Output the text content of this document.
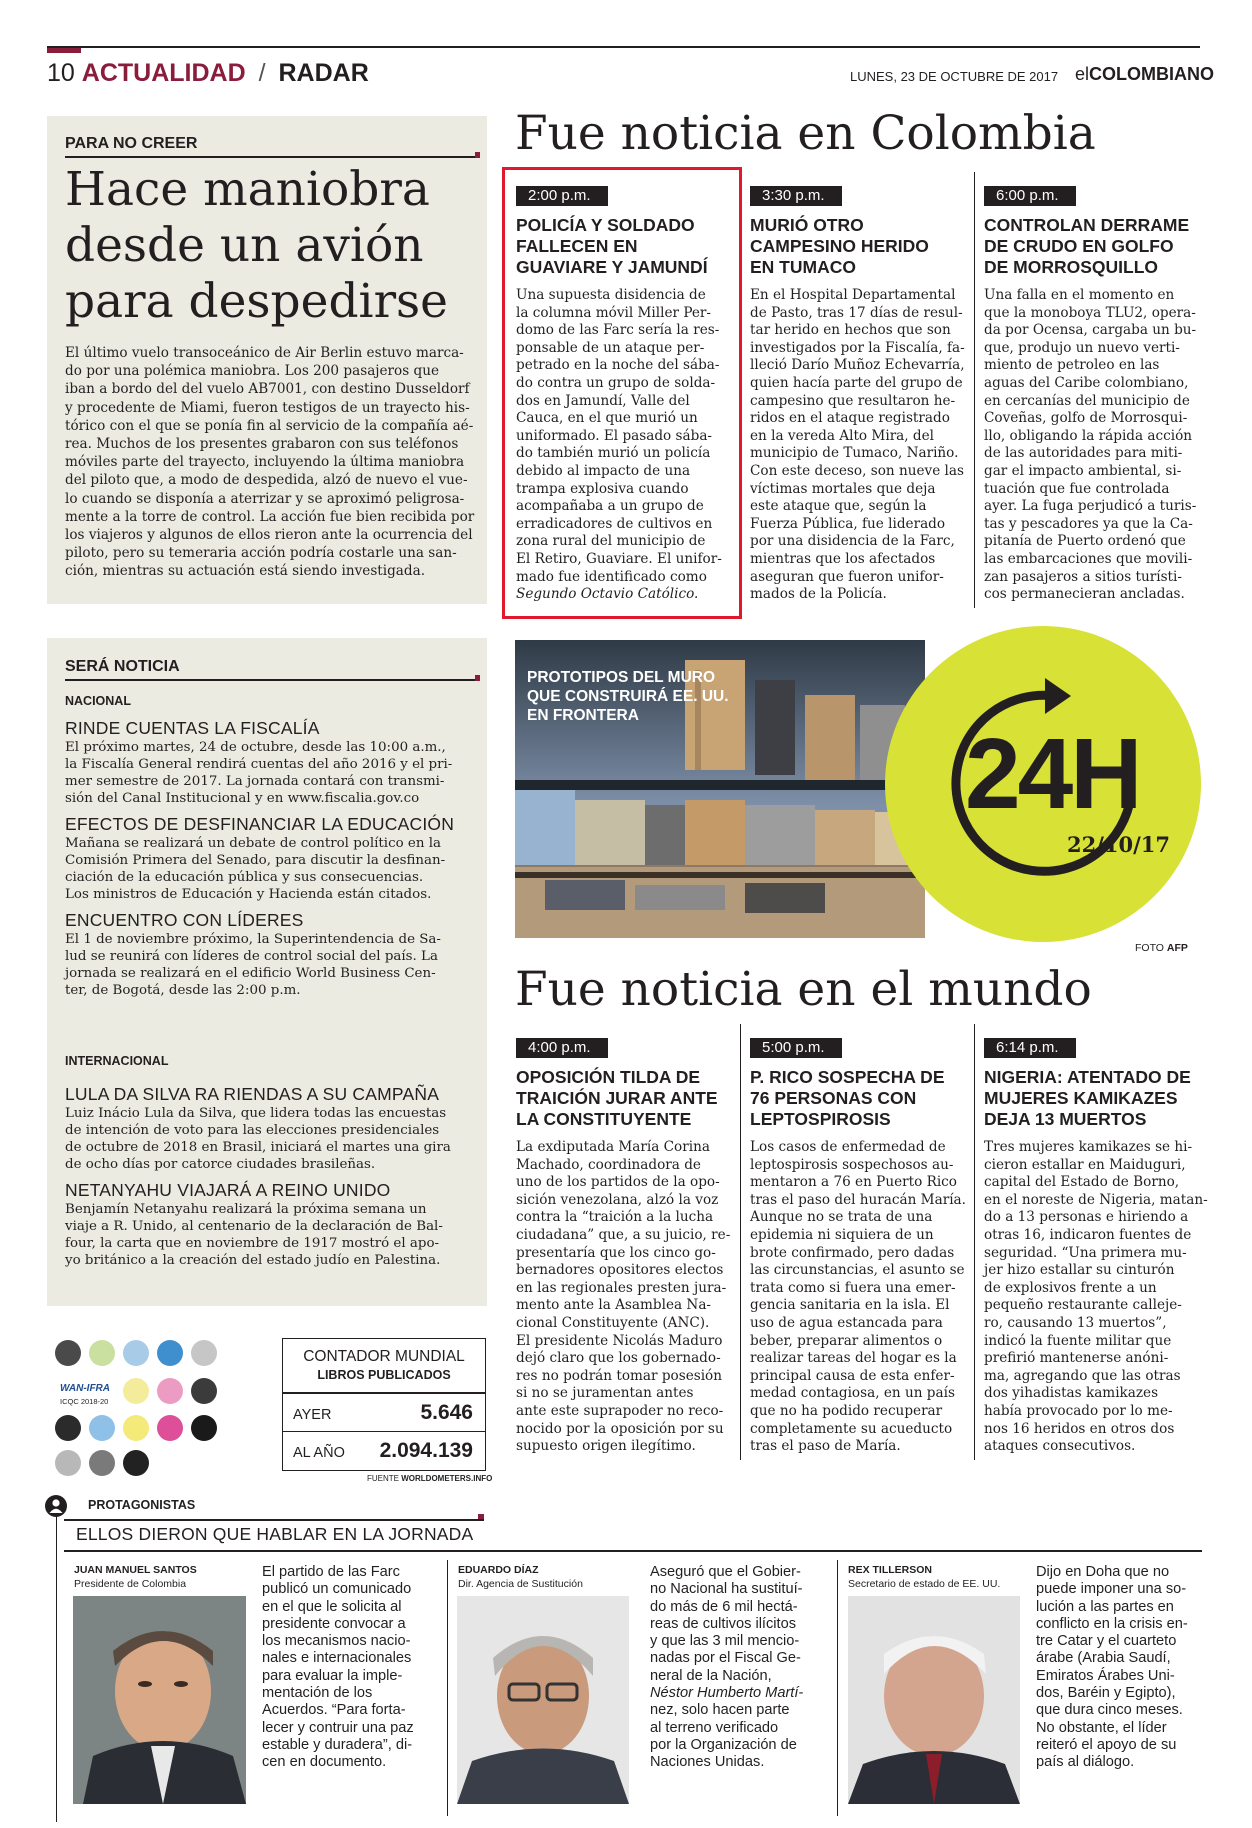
10 ACTUALIDAD / RADAR	LUNES, 23 DE OCTUBRE DE 2017 elCOLOMBIANO
PARA NO CREER
Hace maniobra
desde un avión
para despedirse
El último vuelo transoceánico de Air Berlin estuvo marca-
do por una polémica maniobra. Los 200 pasajeros que
iban a bordo del del vuelo AB7001, con destino Dusseldorf
y procedente de Miami, fueron testigos de un trayecto his-
tórico con el que se ponía fin al servicio de la compañía aé-
rea. Muchos de los presentes grabaron con sus teléfonos
móviles parte del trayecto, incluyendo la última maniobra
del piloto que, a modo de despedida, alzó de nuevo el vue-
lo cuando se disponía a aterrizar y se aproximó peligrosa-
mente a la torre de control. La acción fue bien recibida por
los viajeros y algunos de ellos rieron ante la ocurrencia del
piloto, pero su temeraria acción podría costarle una san-
ción, mientras su actuación está siendo investigada.
Fue noticia en Colombia
2:00 p.m.
POLICÍA Y SOLDADO
FALLECEN EN
GUAVIARE Y JAMUNDÍ
Una supuesta disidencia de
la columna móvil Miller Per-
domo de las Farc sería la res-
ponsable de un ataque per-
petrado en la noche del sába-
do contra un grupo de solda-
dos en Jamundí, Valle del
Cauca, en el que murió un
uniformado. El pasado sába-
do también murió un policía
debido al impacto de una
trampa explosiva cuando
acompañaba a un grupo de
erradicadores de cultivos en
zona rural del municipio de
El Retiro, Guaviare. El unifor-
mado fue identificado como
Segundo Octavio Católico.
3:30 p.m.
MURIÓ OTRO
CAMPESINO HERIDO
EN TUMACO
En el Hospital Departamental
de Pasto, tras 17 días de resul-
tar herido en hechos que son
investigados por la Fiscalía, fa-
lleció Darío Muñoz Echevarría,
quien hacía parte del grupo de
campesino que resultaron he-
ridos en el ataque registrado
en la vereda Alto Mira, del
municipio de Tumaco, Nariño.
Con este deceso, son nueve las
víctimas mortales que deja
este ataque que, según la
Fuerza Pública, fue liderado
por una disidencia de la Farc,
mientras que los afectados
aseguran que fueron unifor-
mados de la Policía.
6:00 p.m.
CONTROLAN DERRAME
DE CRUDO EN GOLFO
DE MORROSQUILLO
Una falla en el momento en
que la monoboya TLU2, opera-
da por Ocensa, cargaba un bu-
que, produjo un nuevo verti-
miento de petroleo en las
aguas del Caribe colombiano,
en cercanías del municipio de
Coveñas, golfo de Morrosqui-
llo, obligando la rápida acción
de las autoridades para miti-
gar el impacto ambiental, si-
tuación que fue controlada
ayer. La fuga perjudicó a turis-
tas y pescadores ya que la Ca-
pitanía de Puerto ordenó que
las embarcaciones que movili-
zan pasajeros a sitios turísti-
cos permanecieran ancladas.
SERÁ NOTICIA
NACIONAL
RINDE CUENTAS LA FISCALÍA
El próximo martes, 24 de octubre, desde las 10:00 a.m.,
la Fiscalía General rendirá cuentas del año 2016 y el pri-
mer semestre de 2017. La jornada contará con transmi-
sión del Canal Institucional y en www.fiscalia.gov.co
EFECTOS DE DESFINANCIAR LA EDUCACIÓN
Mañana se realizará un debate de control político en la
Comisión Primera del Senado, para discutir la desfinan-
ciación de la educación pública y sus consecuencias.
Los ministros de Educación y Hacienda están citados.
ENCUENTRO CON LÍDERES
El 1 de noviembre próximo, la Superintendencia de Sa-
lud se reunirá con líderes de control social del país. La
jornada se realizará en el edificio World Business Cen-
ter, de Bogotá, desde las 2:00 p.m.
INTERNACIONAL
LULA DA SILVA RA RIENDAS A SU CAMPAÑA
Luiz Inácio Lula da Silva, que lidera todas las encuestas
de intención de voto para las elecciones presidenciales
de octubre de 2018 en Brasil, iniciará el martes una gira
de ocho días por catorce ciudades brasileñas.
NETANYAHU VIAJARÁ A REINO UNIDO
Benjamín Netanyahu realizará la próxima semana un
viaje a R. Unido, al centenario de la declaración de Bal-
four, la carta que en noviembre de 1917 mostró el apo-
yo británico a la creación del estado judío en Palestina.
PROTOTIPOS DEL MURO
QUE CONSTRUIRÁ EE. UU.
EN FRONTERA
24H
22/10/17
FOTO AFP
Fue noticia en el mundo
4:00 p.m.
OPOSICIÓN TILDA DE
TRAICIÓN JURAR ANTE
LA CONSTITUYENTE
La exdiputada María Corina
Machado, coordinadora de
uno de los partidos de la opo-
sición venezolana, alzó la voz
contra la “traición a la lucha
ciudadana” que, a su juicio, re-
presentaría que los cinco go-
bernadores opositores electos
en las regionales presten jura-
mento ante la Asamblea Na-
cional Constituyente (ANC).
El presidente Nicolás Maduro
dejó claro que los gobernado-
res no podrán tomar posesión
si no se juramentan antes
ante este suprapoder no reco-
nocido por la oposición por su
supuesto origen ilegítimo.
5:00 p.m.
P. RICO SOSPECHA DE
76 PERSONAS CON
LEPTOSPIROSIS
Los casos de enfermedad de
leptospirosis sospechosos au-
mentaron a 76 en Puerto Rico
tras el paso del huracán María.
Aunque no se trata de una
epidemia ni siquiera de un
brote confirmado, pero dadas
las circunstancias, el asunto se
trata como si fuera una emer-
gencia sanitaria en la isla. El
uso de agua estancada para
beber, preparar alimentos o
realizar tareas del hogar es la
principal causa de esta enfer-
medad contagiosa, en un país
que no ha podido recuperar
completamente su acueducto
tras el paso de María.
6:14 p.m.
NIGERIA: ATENTADO DE
MUJERES KAMIKAZES
DEJA 13 MUERTOS
Tres mujeres kamikazes se hi-
cieron estallar en Maiduguri,
capital del Estado de Borno,
en el noreste de Nigeria, matan-
do a 13 personas e hiriendo a
otras 16, indicaron fuentes de
seguridad. “Una primera mu-
jer hizo estallar su cinturón
de explosivos frente a un
pequeño restaurante calleje-
ro, causando 13 muertos”,
indicó la fuente militar que
prefirió mantenerse anóni-
ma, agregando que las otras
dos yihadistas kamikazes
había provocado por lo me-
nos 16 heridos en otros dos
ataques consecutivos.
WAN-IFRA
ICQC 2018-20
CONTADOR MUNDIAL
LIBROS PUBLICADOS
AYER	5.646
AL AÑO 2.094.139
FUENTE WORLDOMETERS.INFO
PROTAGONISTAS
ELLOS DIERON QUE HABLAR EN LA JORNADA
JUAN MANUEL SANTOS
Presidente de Colombia
El partido de las Farc
publicó un comunicado
en el que le solicita al
presidente convocar a
los mecanismos nacio-
nales e internacionales
para evaluar la imple-
mentación de los
Acuerdos. “Para forta-
lecer y contruir una paz
estable y duradera”, di-
cen en documento.
EDUARDO DÍAZ
Dir. Agencia de Sustitución
Aseguró que el Gobier-
no Nacional ha sustituí-
do más de 6 mil hectá-
reas de cultivos ilícitos
y que las 3 mil mencio-
nadas por el Fiscal Ge-
neral de la Nación,
Néstor Humberto Martí-
nez, solo hacen parte
al terreno verificado
por la Organización de
Naciones Unidas.
REX TILLERSON
Secretario de estado de EE. UU.
Dijo en Doha que no
puede imponer una so-
lución a las partes en
conflicto en la crisis en-
tre Catar y el cuarteto
árabe (Arabia Saudí,
Emiratos Árabes Uni-
dos, Baréin y Egipto),
que dura cinco meses.
No obstante, el líder
reiteró el apoyo de su
país al diálogo.
